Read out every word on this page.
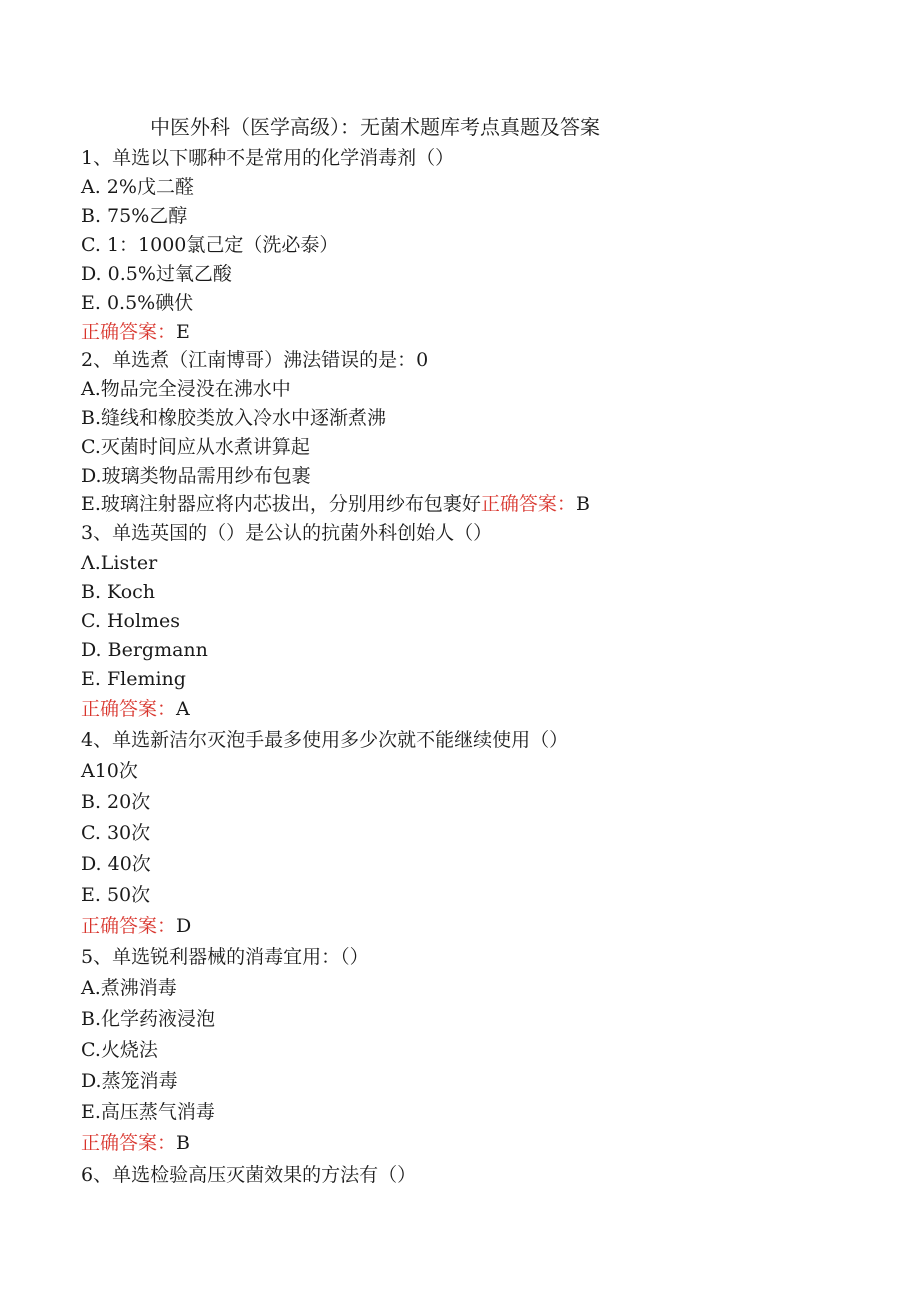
中医外科（医学高级）：无菌术题库考点真题及答案
1、单选以下哪种不是常用的化学消毒剂（）
A. 2%戊二醛
B. 75%乙醇
C. 1：1000氯己定（洗必泰）
D. 0.5%过氧乙酸
E. 0.5%碘伏
正确答案：E
2、单选煮（江南博哥）沸法错误的是：0
A.物品完全浸没在沸水中
B.缝线和橡胶类放入冷水中逐渐煮沸
C.灭菌时间应从水煮讲算起
D.玻璃类物品需用纱布包裹
E.玻璃注射器应将内芯拔出，分别用纱布包裹好正确答案：B
3、单选英国的（）是公认的抗菌外科创始人（）
Λ.Lister
B. Koch
C. Holmes
D. Bergmann
E. Fleming
正确答案：A
4、单选新洁尔灭泡手最多使用多少次就不能继续使用（）
A10次
B. 20次
C. 30次
D. 40次
E. 50次
正确答案：D
5、单选锐利器械的消毒宜用：（）
A.煮沸消毒
B.化学药液浸泡
C.火烧法
D.蒸笼消毒
E.高压蒸气消毒
正确答案：B
6、单选检验高压灭菌效果的方法有（）
